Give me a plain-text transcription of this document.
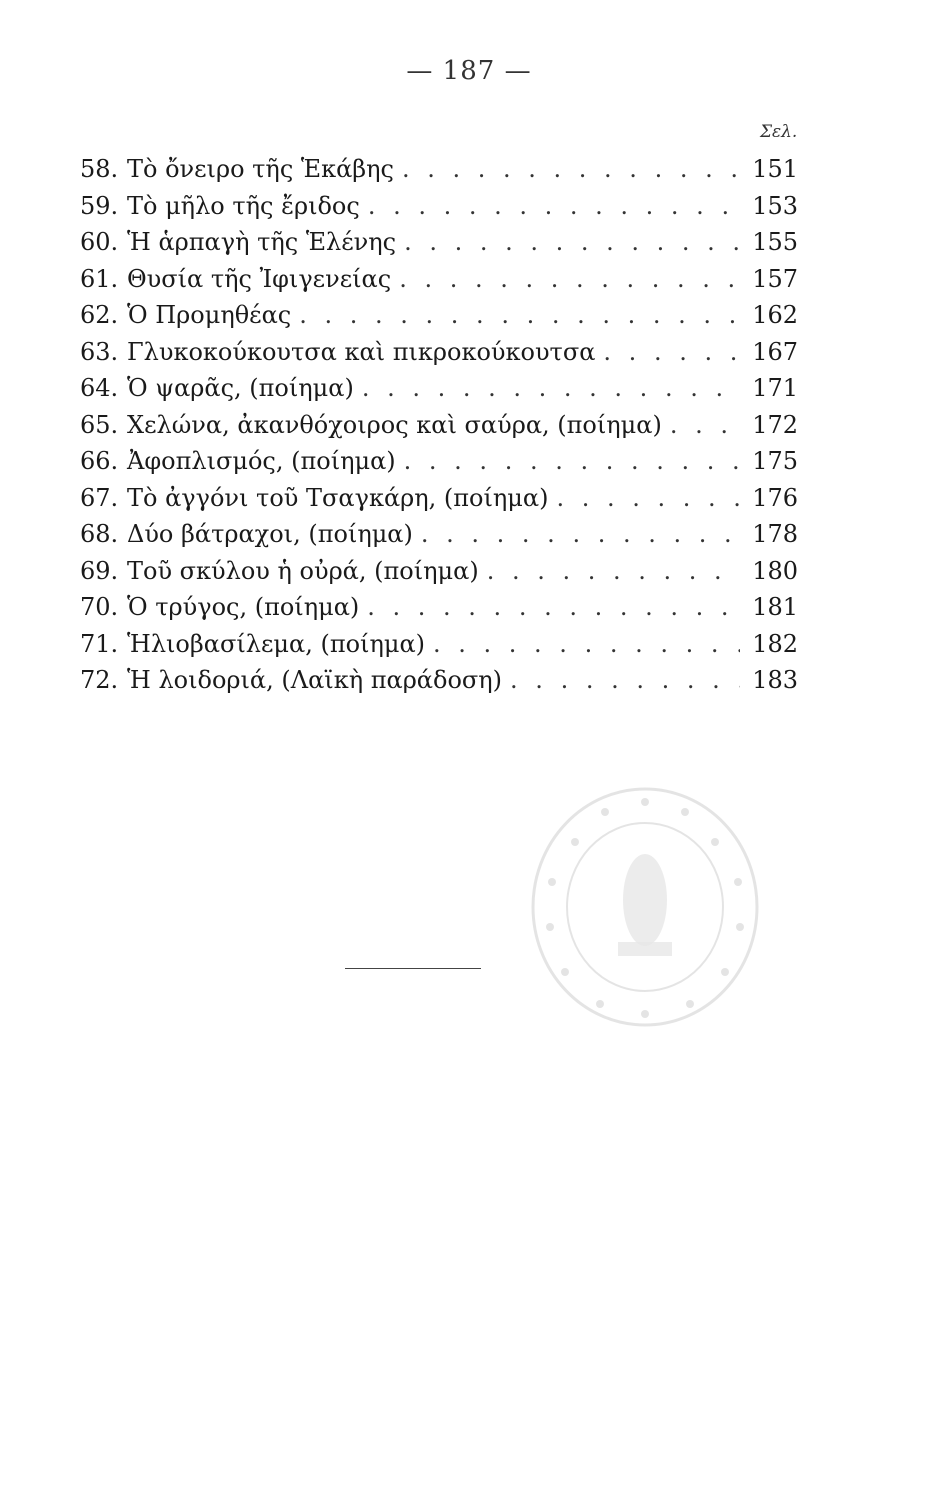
— 187 —
Σελ.
58. Τὸ ὄνειρο τῆς Ἑκάβης . . .	151
59. Τὸ μῆλο τῆς ἔριδος . . .	153
60. Ἡ ἁρπαγὴ τῆς Ἑλένης . . .	155
61. Θυσία τῆς Ἰφιγενείας . . .	157
62. Ὁ Προμηθέας . . .	162
63. Γλυκοκούκουτσα καὶ πικροκούκουτσα . . .	167
64. Ὁ ψαρᾶς, (ποίημα) . . .	171
65. Χελώνα, ἀκανθόχοιρος καὶ σαύρα, (ποίημα) . . .	172
66. Ἀφοπλισμός, (ποίημα) . . .	175
67. Τὸ ἀγγόνι τοῦ Τσαγκάρη, (ποίημα) . . .	176
68. Δύο βάτραχοι, (ποίημα) . . .	178
69. Τοῦ σκύλου ἡ οὐρά, (ποίημα) . . .	180
70. Ὁ τρύγος, (ποίημα) . . .	181
71. Ἡλιοβασίλεμα, (ποίημα) . . .	182
72. Ἡ λοιδοριά, (Λαϊκὴ παράδοση) . . .	183
